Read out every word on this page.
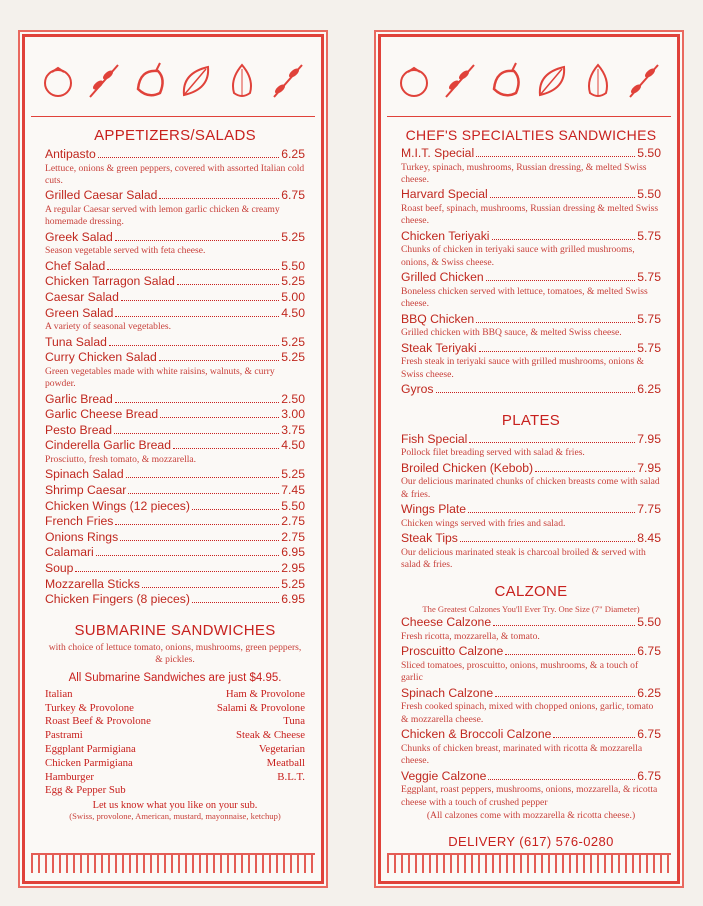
APPETIZERS/SALADS
Antipasto	6.25
Lettuce, onions & green peppers, covered with assorted Italian cold cuts.
Grilled Caesar Salad	6.75
A regular Caesar served with lemon garlic chicken & creamy homemade dressing.
Greek Salad	5.25
Season vegetable served with feta cheese.
Chef Salad	5.50
Chicken Tarragon Salad	5.25
Caesar Salad	5.00
Green Salad	4.50
A variety of seasonal vegetables.
Tuna Salad	5.25
Curry Chicken Salad	5.25
Green vegetables made with white raisins, walnuts, & curry powder.
Garlic Bread	2.50
Garlic Cheese Bread	3.00
Pesto Bread	3.75
Cinderella Garlic Bread	4.50
Prosciutto, fresh tomato, & mozzarella.
Spinach Salad	5.25
Shrimp Caesar	7.45
Chicken Wings (12 pieces)	5.50
French Fries	2.75
Onions Rings	2.75
Calamari	6.95
Soup	2.95
Mozzarella Sticks	5.25
Chicken Fingers (8 pieces)	6.95
SUBMARINE SANDWICHES
with choice of lettuce tomato, onions, mushrooms, green peppers, & pickles.
All Submarine Sandwiches are just $4.95.
Italian	Ham & Provolone
Turkey & Provolone	Salami & Provolone
Roast Beef & Provolone	Tuna
Pastrami	Steak & Cheese
Eggplant Parmigiana	Vegetarian
Chicken Parmigiana	Meatball
Hamburger	B.L.T.
Egg & Pepper Sub
Let us know what you like on your sub.
(Swiss, provolone, American, mustard, mayonnaise, ketchup)
CHEF'S SPECIALTIES SANDWICHES
M.I.T. Special	5.50
Turkey, spinach, mushrooms, Russian dressing, & melted Swiss cheese.
Harvard Special	5.50
Roast beef, spinach, mushrooms, Russian dressing & melted Swiss cheese.
Chicken Teriyaki	5.75
Chunks of chicken in teriyaki sauce with grilled mushrooms, onions, & Swiss cheese.
Grilled Chicken	5.75
Boneless chicken served with lettuce, tomatoes, & melted Swiss cheese.
BBQ Chicken	5.75
Grilled chicken with BBQ sauce, & melted Swiss cheese.
Steak Teriyaki	5.75
Fresh steak in teriyaki sauce with grilled mushrooms, onions & Swiss cheese.
Gyros	6.25
PLATES
Fish Special	7.95
Pollock filet breading served with salad & fries.
Broiled Chicken (Kebob)	7.95
Our delicious marinated chunks of chicken breasts come with salad & fries.
Wings Plate	7.75
Chicken wings served with fries and salad.
Steak Tips	8.45
Our delicious marinated steak is charcoal broiled & served with salad & fries.
CALZONE
The Greatest Calzones You'll Ever Try. One Size (7" Diameter)
Cheese Calzone	5.50
Fresh ricotta, mozzarella, & tomato.
Proscuitto Calzone	6.75
Sliced tomatoes, proscuitto, onions, mushrooms, & a touch of garlic
Spinach Calzone	6.25
Fresh cooked spinach, mixed with chopped onions, garlic, tomato & mozzarella cheese.
Chicken & Broccoli Calzone	6.75
Chunks of chicken breast, marinated with ricotta & mozzarella cheese.
Veggie Calzone	6.75
Eggplant, roast peppers, mushrooms, onions, mozzarella, & ricotta cheese with a touch of crushed pepper
(All calzones come with mozzarella & ricotta cheese.)
DELIVERY (617) 576-0280
